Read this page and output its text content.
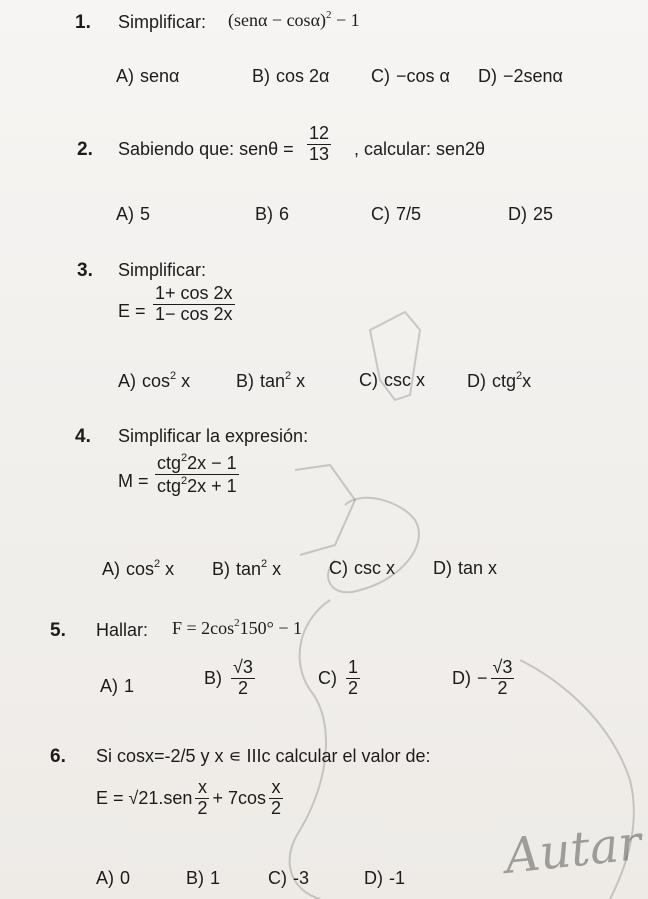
1. Simplificar: $(sen\alpha - \cos\alpha)^2 - 1$
A) senα	B) cos 2α C) −cos α D) −2senα
2. Sabiendo que: $sen\theta = \frac{12}{13}$ , calcular: sen2θ
A) 5	B) 6	C) 7/5	D) 25
3. Simplificar:
$E = \frac{1+ \cos 2x}{1- \cos 2x}$
A) $\cos^2 x$	B) $\tan^2 x$	C) csc x D) ctg$^2$x
4. Simplificar la expresión:
$M = \frac{ctg^22x - 1}{ctg^22x + 1}$
A) $\cos^2 x$ B) $\tan^2 x$	C) csc x D) tan x
5. Hallar: $F = 2\cos^2150^\circ - 1$
A) 1	$B) \frac{√3}{2}$	$C) \frac{1}{2}$	$D) - \frac{√3}{2}$
6. Si cosx=-2/5 y x ∊ IIIc calcular el valor de:
$E = √21.sen \frac{x}{2} + 7\cos \frac{x}{2}$
A) 0	B) 1	C) -3	D) -1 Autar
